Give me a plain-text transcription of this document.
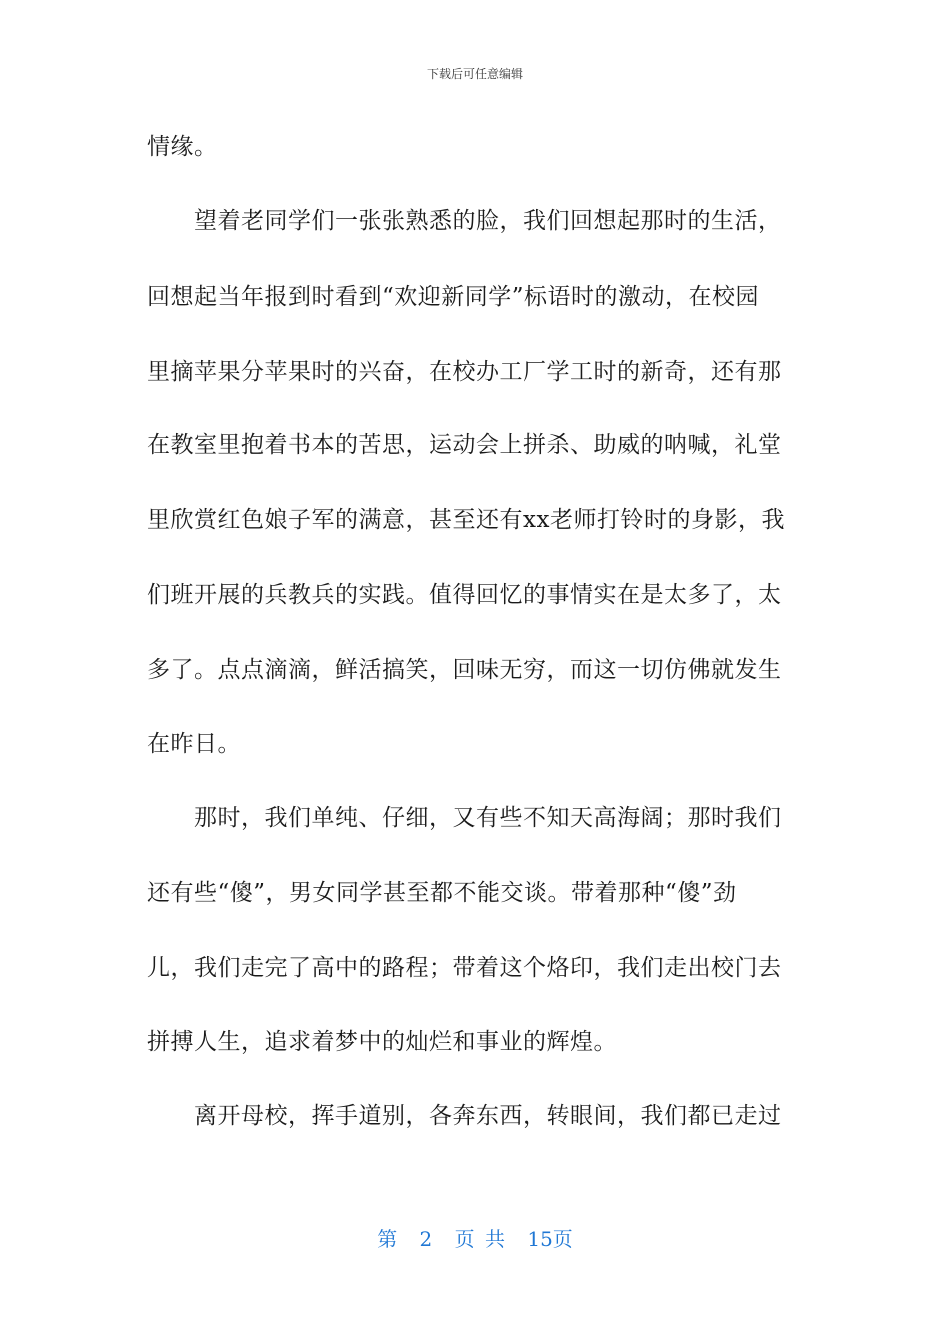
下载后可任意编辑
情缘。
望着老同学们一张张熟悉的脸，我们回想起那时的生活，
回想起当年报到时看到“欢迎新同学”标语时的激动，在校园
里摘苹果分苹果时的兴奋，在校办工厂学工时的新奇，还有那
在教室里抱着书本的苦思，运动会上拼杀、助威的呐喊，礼堂
里欣赏红色娘子军的满意，甚至还有xx老师打铃时的身影，我
们班开展的兵教兵的实践。值得回忆的事情实在是太多了，太
多了。点点滴滴，鲜活搞笑，回味无穷，而这一切仿佛就发生
在昨日。
那时，我们单纯、仔细，又有些不知天高海阔；那时我们
还有些“傻”，男女同学甚至都不能交谈。带着那种“傻”劲
儿，我们走完了高中的路程；带着这个烙印，我们走出校门去
拼搏人生，追求着梦中的灿烂和事业的辉煌。
离开母校，挥手道别，各奔东西，转眼间，我们都已走过
第 2 页 共 15页
